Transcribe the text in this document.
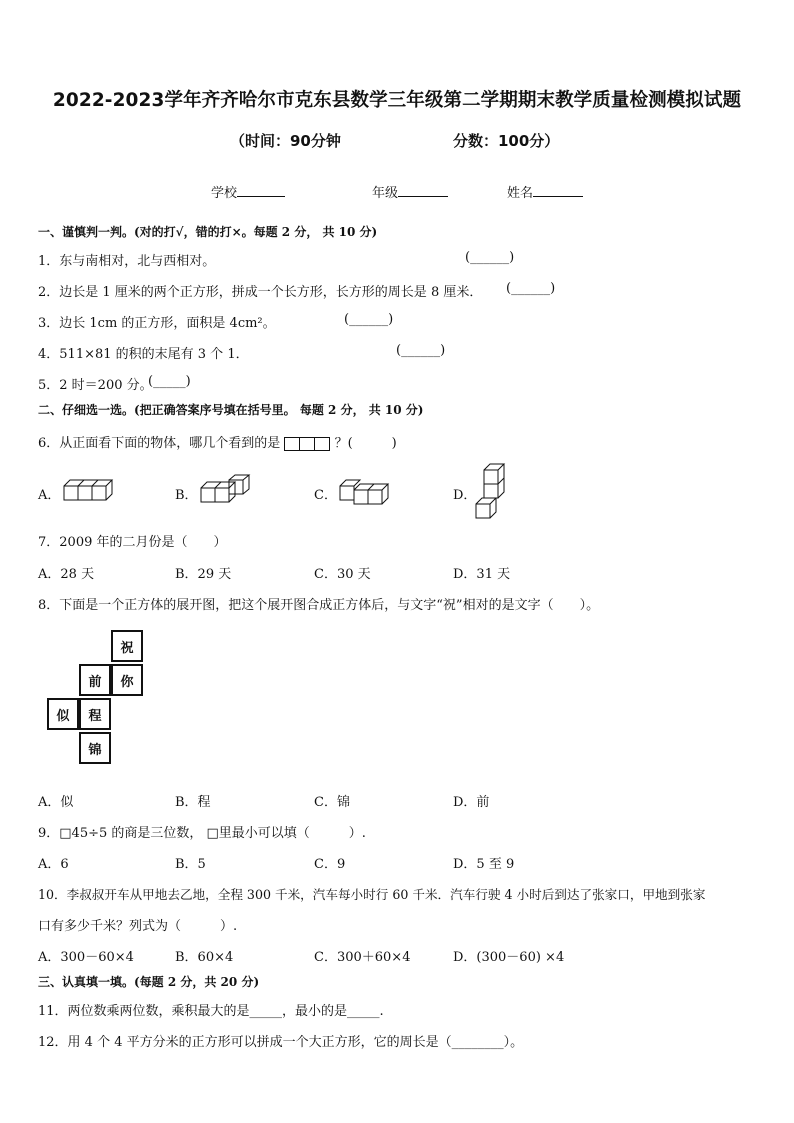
2022-2023学年齐齐哈尔市克东县数学三年级第二学期期末教学质量检测模拟试题
（时间：90分钟	分数：100分）
学校	年级	姓名
一、谨慎判一判。(对的打√，错的打×。每题 2 分， 共 10 分)
1．东与南相对，北与西相对。	(______)
2．边长是 1 厘米的两个正方形，拼成一个长方形，长方形的周长是 8 厘米． (______)
3．边长 1cm 的正方形，面积是 4cm²。	(______)
4．511×81 的积的末尾有 3 个 1．	(______)
5．2 时＝200 分。
(_____)
二、仔细选一选。(把正确答案序号填在括号里。 每题 2 分， 共 10 分)
6．从正面看下面的物体，哪几个看到的是	？(　　　)
A．	B．	C．	D．
7．2009 年的二月份是（　　）
A．28 天	B．29 天	C．30 天	D．31 天
8．下面是一个正方体的展开图，把这个展开图合成正方体后，与文字“祝”相对的是文字（　　）。
祝
前	你
似	程
锦
A．似	B．程	C．锦	D．前
9．□45÷5 的商是三位数， □里最小可以填（　　　）.
A．6	B．5	C．9	D．5 至 9
10．李叔叔开车从甲地去乙地，全程 300 千米，汽车每小时行 60 千米．汽车行驶 4 小时后到达了张家口，甲地到张家
口有多少千米？列式为（　　　）.
A．300－60×4	B．60×4	C．300＋60×4	D．(300－60) ×4
三、认真填一填。(每题 2 分，共 20 分)
11．两位数乘两位数，乘积最大的是_____，最小的是_____.
12．用 4 个 4 平方分米的正方形可以拼成一个大正方形，它的周长是（________）。
